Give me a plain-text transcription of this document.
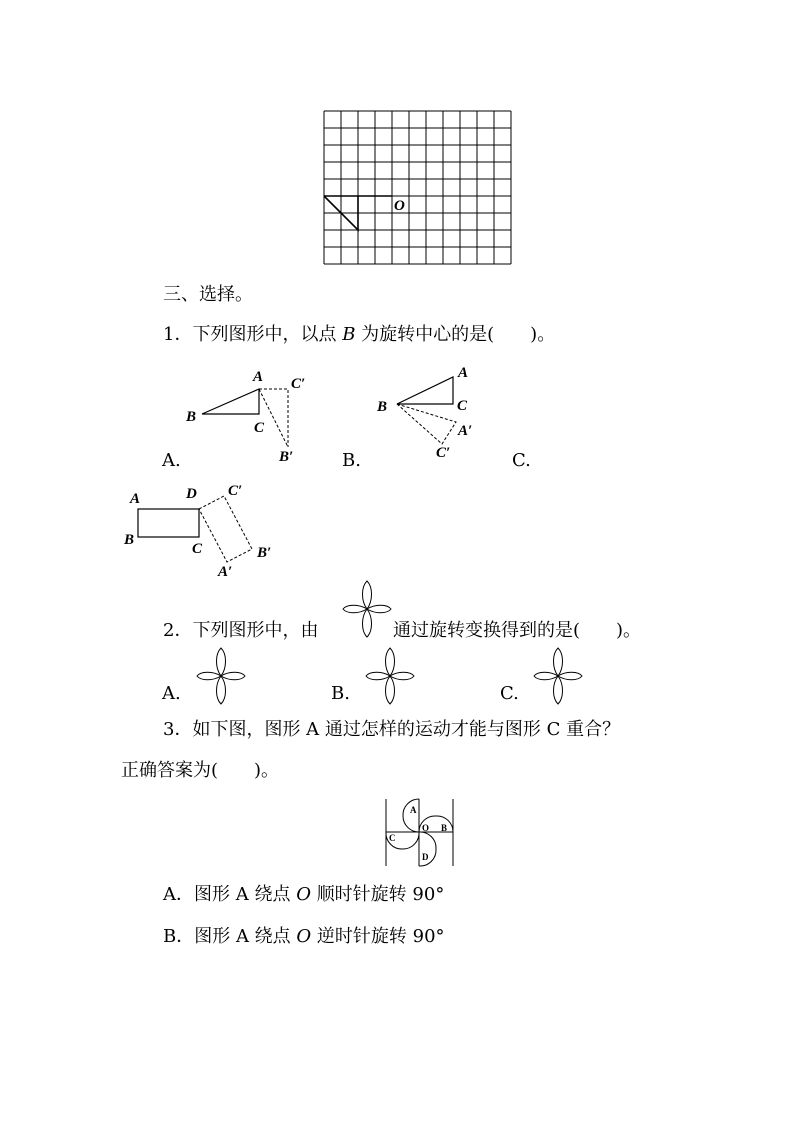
O
三、选择。
1．下列图形中，以点 B 为旋转中心的是(　　)。
A C′
B
C
B′
A.
A
B	C
A′
C′
B.	C.
A	D C′
B
C	B′
A′
2．下列图形中，由	通过旋转变换得到的是(　　)。
A.	B.	C.
3．如下图，图形 A 通过怎样的运动才能与图形 C 重合？
正确答案为(　　)。
A
O B
C
D
A．图形 A 绕点 O 顺时针旋转 90°
B．图形 A 绕点 O 逆时针旋转 90°
